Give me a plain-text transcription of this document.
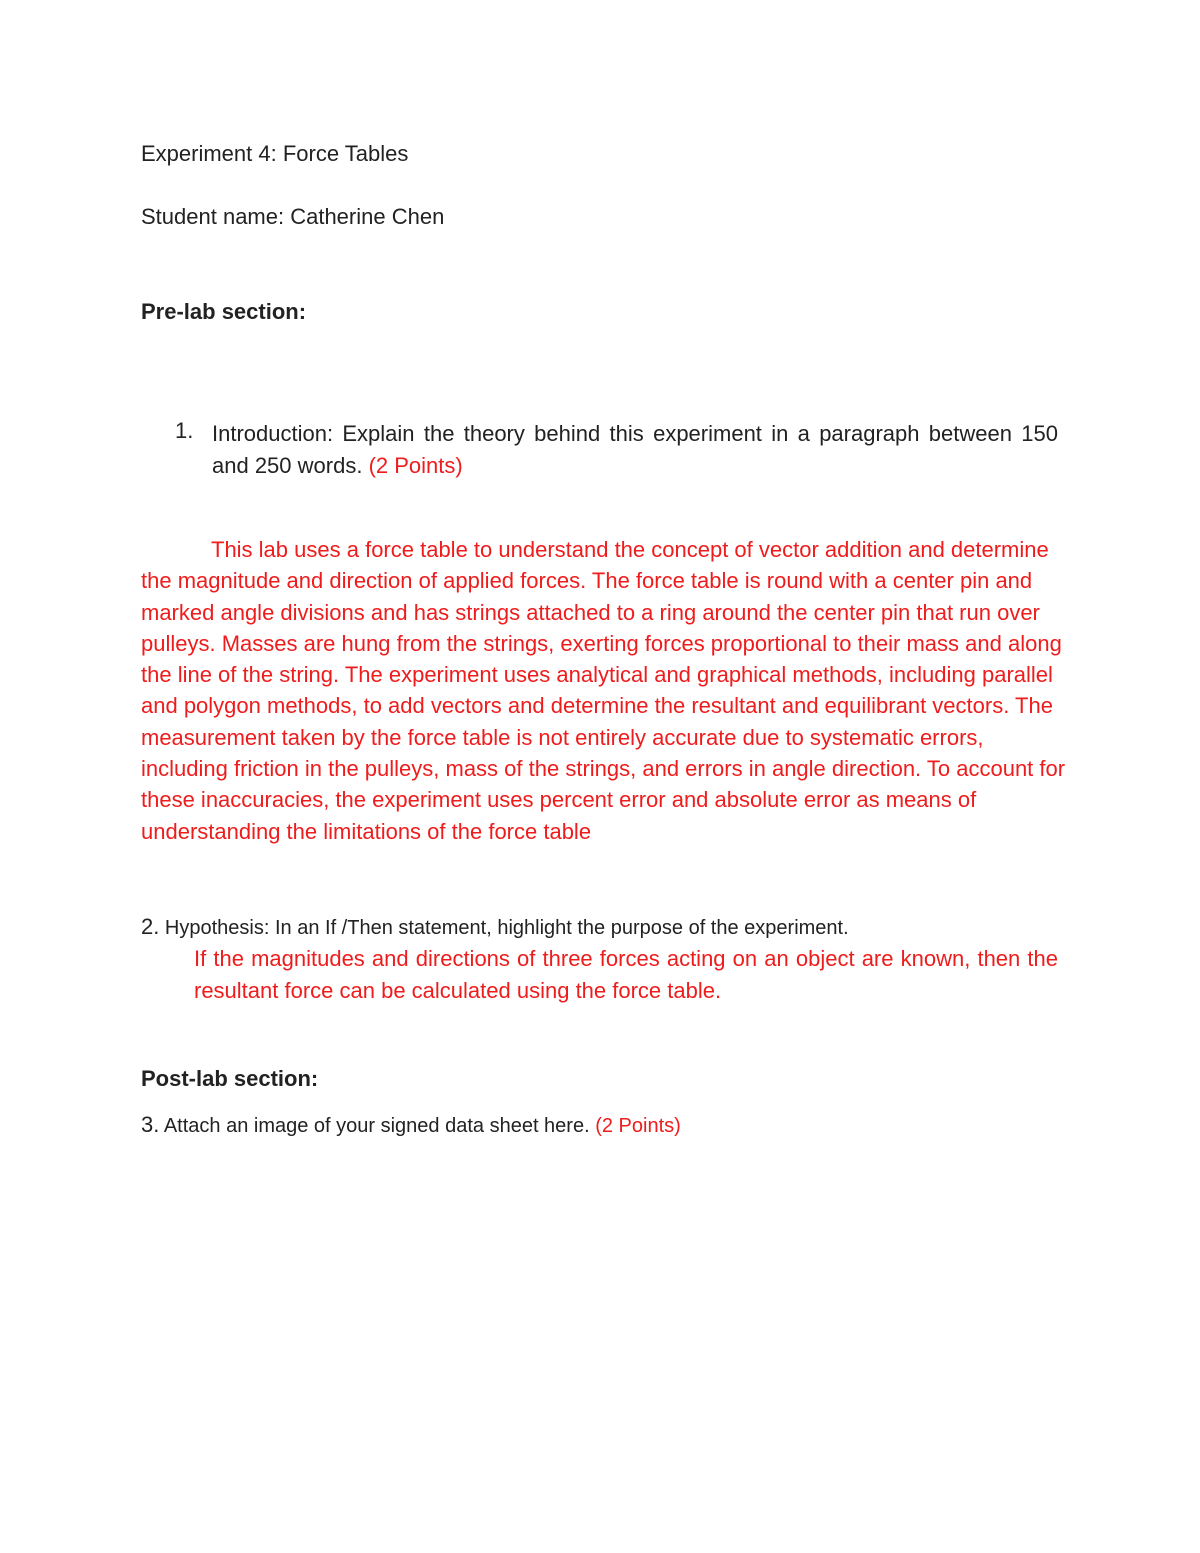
Experiment 4: Force Tables
Student name: Catherine Chen
Pre-lab section:
1. Introduction: Explain the theory behind this experiment in a paragraph between 150 and 250 words. (2 Points)
This lab uses a force table to understand the concept of vector addition and determine the magnitude and direction of applied forces. The force table is round with a center pin and marked angle divisions and has strings attached to a ring around the center pin that run over pulleys. Masses are hung from the strings, exerting forces proportional to their mass and along the line of the string. The experiment uses analytical and graphical methods, including parallel and polygon methods, to add vectors and determine the resultant and equilibrant vectors. The measurement taken by the force table is not entirely accurate due to systematic errors, including friction in the pulleys, mass of the strings, and errors in angle direction. To account for these inaccuracies, the experiment uses percent error and absolute error as means of understanding the limitations of the force table
2. Hypothesis: In an If /Then statement, highlight the purpose of the experiment.
If the magnitudes and directions of three forces acting on an object are known, then the resultant force can be calculated using the force table.
Post-lab section:
3. Attach an image of your signed data sheet here. (2 Points)
